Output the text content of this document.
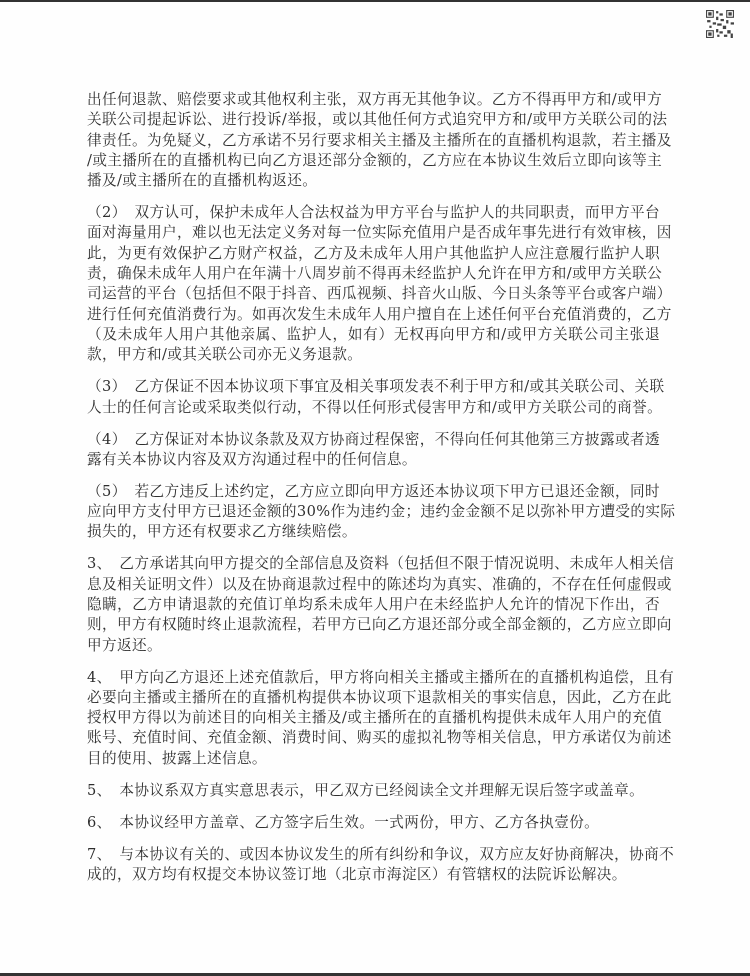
出任何退款、赔偿要求或其他权利主张，双方再无其他争议。乙方不得再甲方和/或甲方
关联公司提起诉讼、进行投诉/举报，或以其他任何方式追究甲方和/或甲方关联公司的法
律责任。为免疑义，乙方承诺不另行要求相关主播及主播所在的直播机构退款，若主播及
/或主播所在的直播机构已向乙方退还部分金额的，乙方应在本协议生效后立即向该等主
播及/或主播所在的直播机构返还。
（2）　双方认可，保护未成年人合法权益为甲方平台与监护人的共同职责，而甲方平台
面对海量用户，难以也无法定义务对每一位实际充值用户是否成年事先进行有效审核，因
此，为更有效保护乙方财产权益，乙方及未成年人用户其他监护人应注意履行监护人职
责，确保未成年人用户在年满十八周岁前不得再未经监护人允许在甲方和/或甲方关联公
司运营的平台（包括但不限于抖音、西瓜视频、抖音火山版、今日头条等平台或客户端）
进行任何充值消费行为。如再次发生未成年人用户擅自在上述任何平台充值消费的，乙方
（及未成年人用户其他亲属、监护人，如有）无权再向甲方和/或甲方关联公司主张退
款，甲方和/或其关联公司亦无义务退款。
（3）　乙方保证不因本协议项下事宜及相关事项发表不利于甲方和/或其关联公司、关联
人士的任何言论或采取类似行动，不得以任何形式侵害甲方和/或甲方关联公司的商誉。
（4）　乙方保证对本协议条款及双方协商过程保密，不得向任何其他第三方披露或者透
露有关本协议内容及双方沟通过程中的任何信息。
（5）　若乙方违反上述约定，乙方应立即向甲方返还本协议项下甲方已退还金额，同时
应向甲方支付甲方已退还金额的30%作为违约金；违约金金额不足以弥补甲方遭受的实际
损失的，甲方还有权要求乙方继续赔偿。
3、　乙方承诺其向甲方提交的全部信息及资料（包括但不限于情况说明、未成年人相关信
息及相关证明文件）以及在协商退款过程中的陈述均为真实、准确的，不存在任何虚假或
隐瞒，乙方申请退款的充值订单均系未成年人用户在未经监护人允许的情况下作出，否
则，甲方有权随时终止退款流程，若甲方已向乙方退还部分或全部金额的，乙方应立即向
甲方返还。
4、　甲方向乙方退还上述充值款后，甲方将向相关主播或主播所在的直播机构追偿，且有
必要向主播或主播所在的直播机构提供本协议项下退款相关的事实信息，因此，乙方在此
授权甲方得以为前述目的向相关主播及/或主播所在的直播机构提供未成年人用户的充值
账号、充值时间、充值金额、消费时间、购买的虚拟礼物等相关信息，甲方承诺仅为前述
目的使用、披露上述信息。
5、　本协议系双方真实意思表示，甲乙双方已经阅读全文并理解无误后签字或盖章。
6、　本协议经甲方盖章、乙方签字后生效。一式两份，甲方、乙方各执壹份。
7、　与本协议有关的、或因本协议发生的所有纠纷和争议，双方应友好协商解决，协商不
成的，双方均有权提交本协议签订地（北京市海淀区）有管辖权的法院诉讼解决。
